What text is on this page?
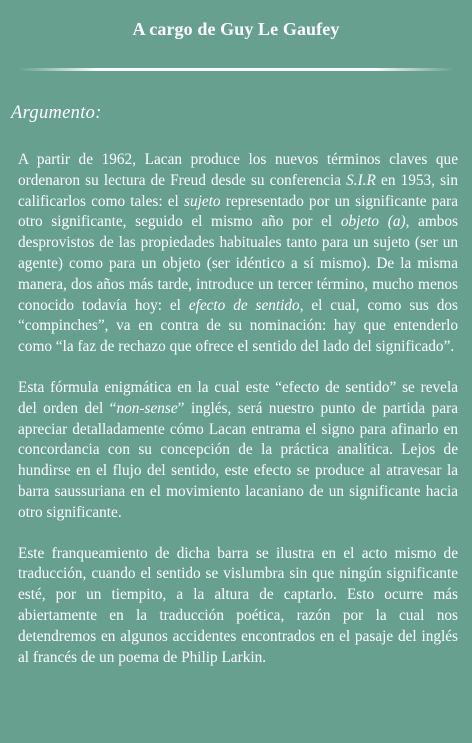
A cargo de Guy Le Gaufey
Argumento:

A partir de 1962, Lacan produce los nuevos términos claves que ordenaron su lectura de Freud desde su conferencia S.I.R en 1953, sin calificarlos como tales: el sujeto representado por un significante para otro significante, seguido el mismo año por el objeto (a), ambos desprovistos de las propiedades habituales tanto para un sujeto (ser un agente) como para un objeto (ser idéntico a sí mismo). De la misma manera, dos años más tarde, introduce un tercer término, mucho menos conocido todavía hoy: el efecto de sentido, el cual, como sus dos “compinches”, va en contra de su nominación: hay que entenderlo como “la faz de rechazo que ofrece el sentido del lado del significado”.

Esta fórmula enigmática en la cual este “efecto de sentido” se revela del orden del “non-sense” inglés, será nuestro punto de partida para apreciar detalladamente cómo Lacan entrama el signo para afinarlo en concordancia con su concepción de la práctica analítica. Lejos de hundirse en el flujo del sentido, este efecto se produce al atravesar la barra saussuriana en el movimiento lacaniano de un significante hacia otro significante.

Este franqueamiento de dicha barra se ilustra en el acto mismo de traducción, cuando el sentido se vislumbra sin que ningún significante esté, por un tiempito, a la altura de captarlo. Esto ocurre más abiertamente en la traducción poética, razón por la cual nos detendremos en algunos accidentes encontrados en el pasaje del inglés al francés de un poema de Philip Larkin.
